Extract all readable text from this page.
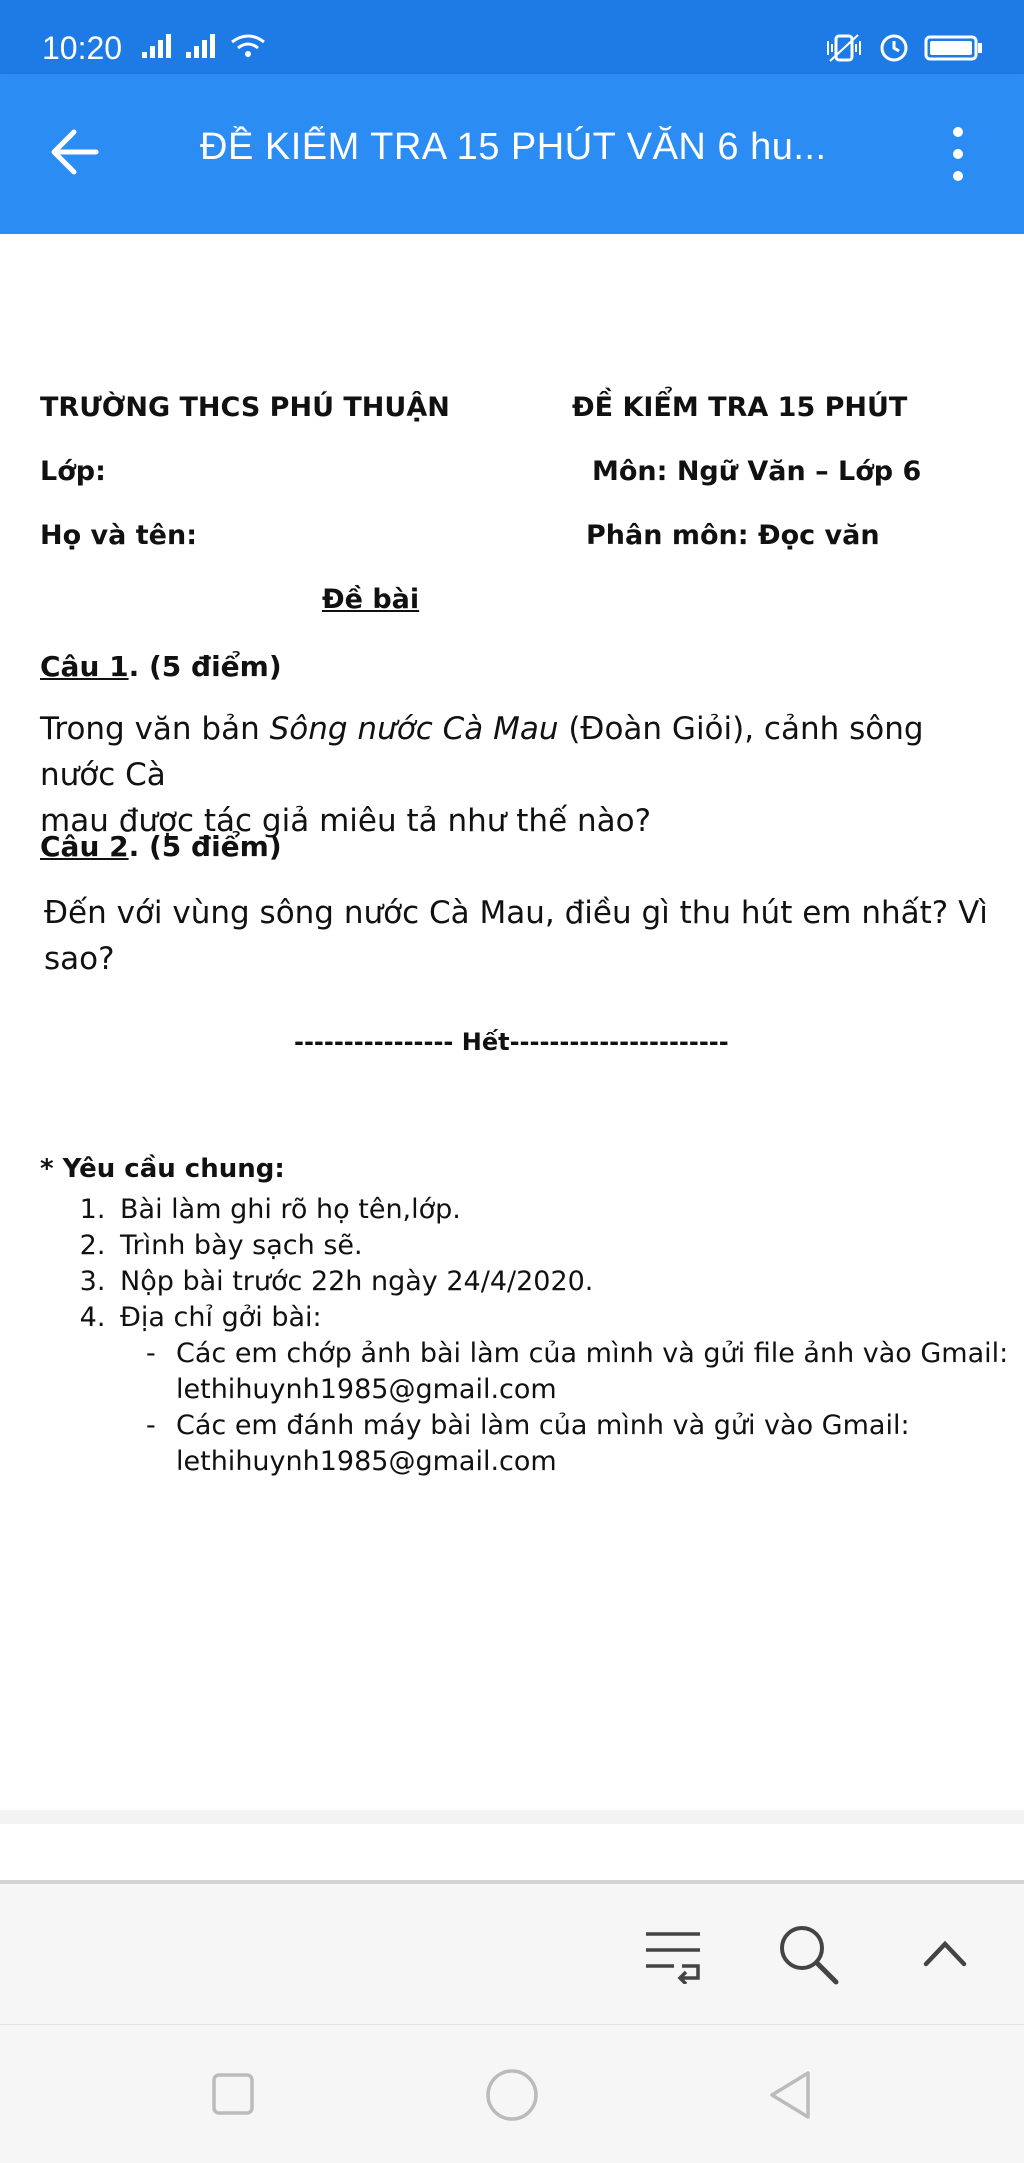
10:20
ĐỀ KIỂM TRA 15 PHÚT VĂN 6 hu...
TRƯỜNG THCS PHÚ THUẬN	ĐỀ KIỂM TRA 15 PHÚT
Lớp:	Môn: Ngữ Văn – Lớp 6
Họ và tên:	Phân môn: Đọc văn
Đề bài
Câu 1. (5 điểm)
Trong văn bản Sông nước Cà Mau (Đoàn Giỏi), cảnh sông nước Cà
mau được tác giả miêu tả như thế nào?
Câu 2. (5 điểm)
Đến với vùng sông nước Cà Mau, điều gì thu hút em nhất? Vì sao?
---------------- Hết----------------------
* Yêu cầu chung:
1. Bài làm ghi rõ họ tên,lớp.
2. Trình bày sạch sẽ.
3. Nộp bài trước 22h ngày 24/4/2020.
4. Địa chỉ gởi bài:
- Các em chớp ảnh bài làm của mình và gửi file ảnh vào Gmail:
lethihuynh1985@gmail.com
- Các em đánh máy bài làm của mình và gửi vào Gmail:
lethihuynh1985@gmail.com
